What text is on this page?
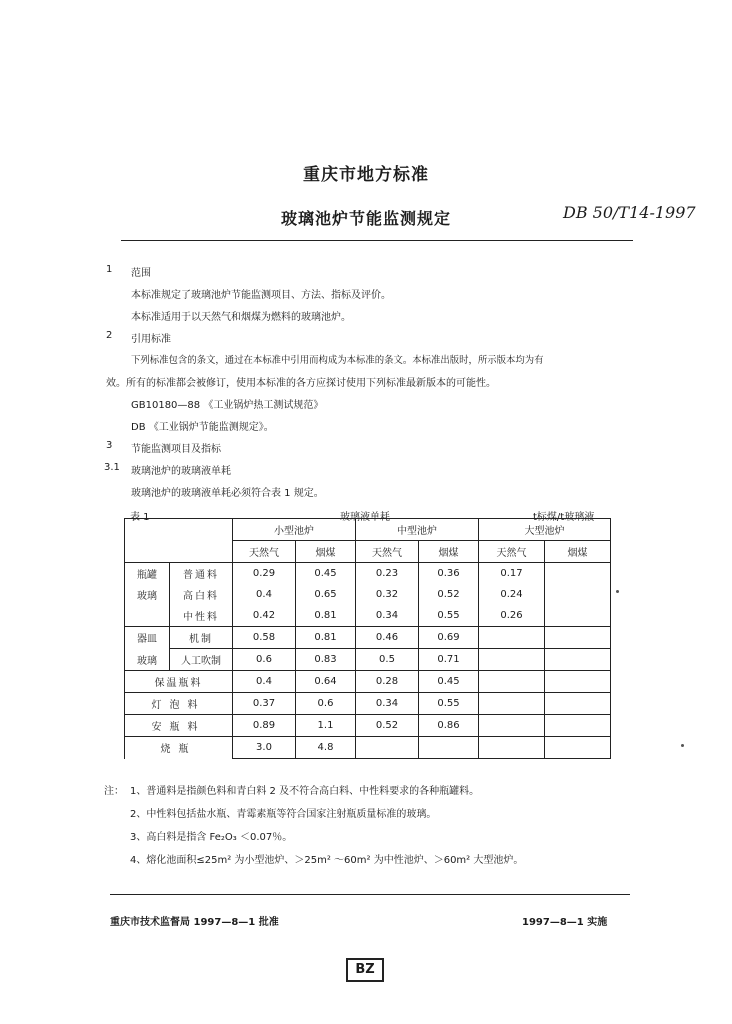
重庆市地方标准
玻璃池炉节能监测规定	DB 50/T14-1997
1 范围
本标准规定了玻璃池炉节能监测项目、方法、指标及评价。
本标准适用于以天然气和烟煤为燃料的玻璃池炉。
2 引用标准
下列标准包含的条文，通过在本标准中引用而构成为本标准的条文。本标准出版时，所示版本均为有
效。所有的标准都会被修订，使用本标准的各方应探讨使用下列标准最新版本的可能性。
GB10180—88 《工业锅炉热工测试规范》
DB 《工业锅炉节能监测规定》。
3 节能监测项目及指标
3.1 玻璃池炉的玻璃液单耗
玻璃池炉的玻璃液单耗必须符合表 1 规定。
表 1	玻璃液单耗	t标煤/t玻璃液
		小型池炉		中型池炉		大型池炉	
		天然气	烟煤	天然气	烟煤	天然气	烟煤
瓶罐	普通料	0.29	0.45	0.23	0.36	0.17	
玻璃	高白料	0.4	0.65	0.32	0.52	0.24	
	中性料	0.42	0.81	0.34	0.55	0.26	
器皿	机制	0.58	0.81	0.46	0.69		
玻璃	人工吹制	0.6	0.83	0.5	0.71		
保温瓶料		0.4	0.64	0.28	0.45		
灯泡料		0.37	0.6	0.34	0.55		
安瓶料		0.89	1.1	0.52	0.86		
烧瓶		3.0	4.8				
注： 1、普通料是指颜色料和青白料 2 及不符合高白料、中性料要求的各种瓶罐料。
2、中性料包括盐水瓶、青霉素瓶等符合国家注射瓶质量标准的玻璃。
3、高白料是指含 Fe₂O₃ ＜0.07％。
4、熔化池面积≤25m² 为小型池炉、＞25m² ～60m² 为中性池炉、＞60m² 大型池炉。
重庆市技术监督局 1997—8—1 批准	1997—8—1 实施
BZ
